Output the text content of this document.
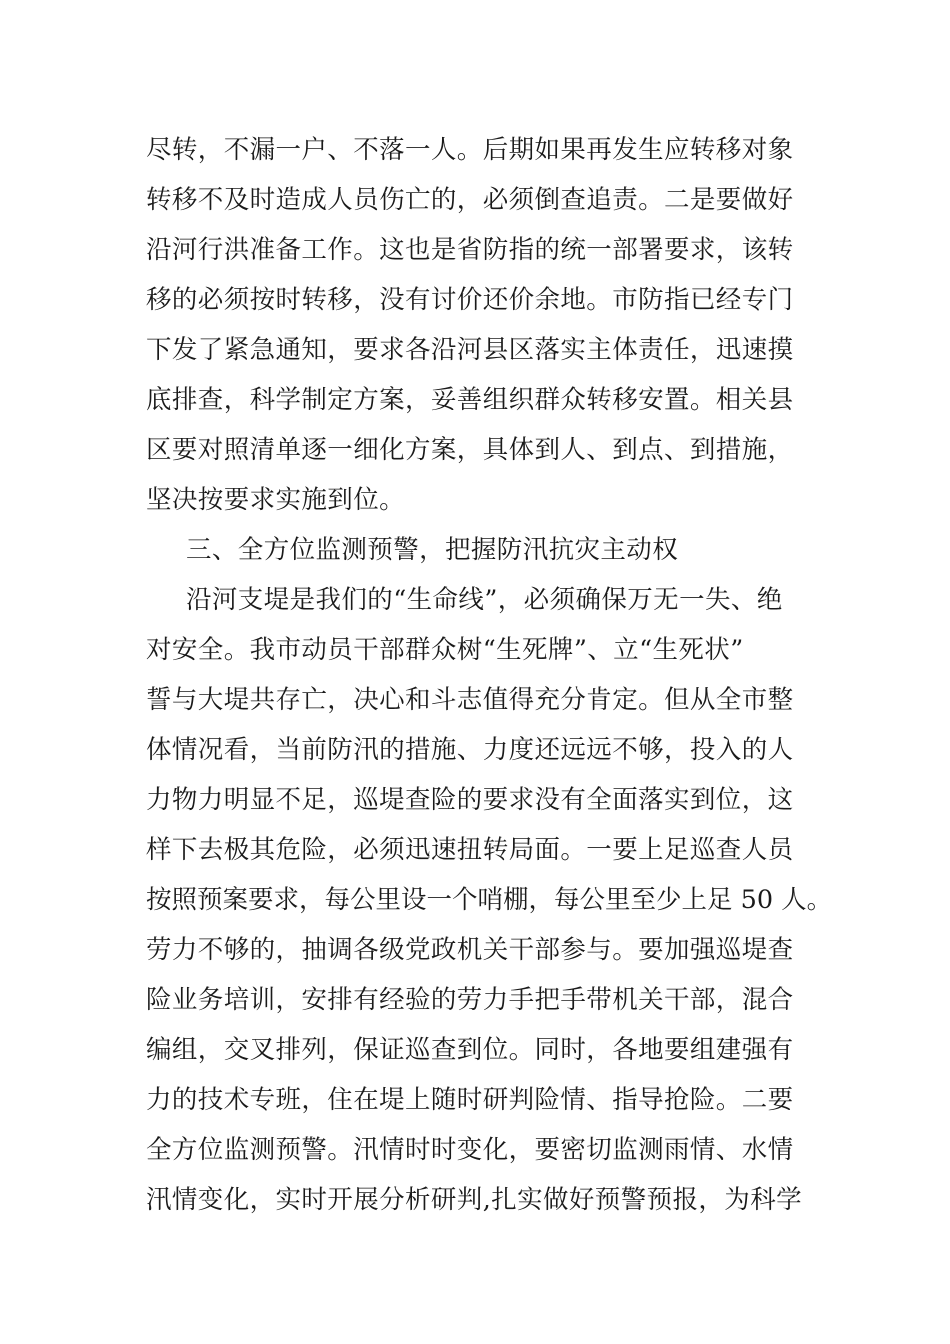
尽转，不漏一户、不落一人。后期如果再发生应转移对象
转移不及时造成人员伤亡的，必须倒查追责。二是要做好
沿河行洪准备工作。这也是省防指的统一部署要求，该转
移的必须按时转移，没有讨价还价余地。市防指已经专门
下发了紧急通知，要求各沿河县区落实主体责任，迅速摸
底排查，科学制定方案，妥善组织群众转移安置。相关县
区要对照清单逐一细化方案，具体到人、到点、到措施，
坚决按要求实施到位。
三、全方位监测预警，把握防汛抗灾主动权
沿河支堤是我们的“生命线”，必须确保万无一失、绝
对安全。我市动员干部群众树“生死牌”、立“生死状”
誓与大堤共存亡，决心和斗志值得充分肯定。但从全市整
体情况看，当前防汛的措施、力度还远远不够，投入的人
力物力明显不足，巡堤查险的要求没有全面落实到位，这
样下去极其危险，必须迅速扭转局面。一要上足巡查人员
按照预案要求，每公里设一个哨棚，每公里至少上足 50 人。
劳力不够的，抽调各级党政机关干部参与。要加强巡堤查
险业务培训，安排有经验的劳力手把手带机关干部，混合
编组，交叉排列，保证巡查到位。同时，各地要组建强有
力的技术专班，住在堤上随时研判险情、指导抢险。二要
全方位监测预警。汛情时时变化，要密切监测雨情、水情
汛情变化，实时开展分析研判,扎实做好预警预报，为科学
